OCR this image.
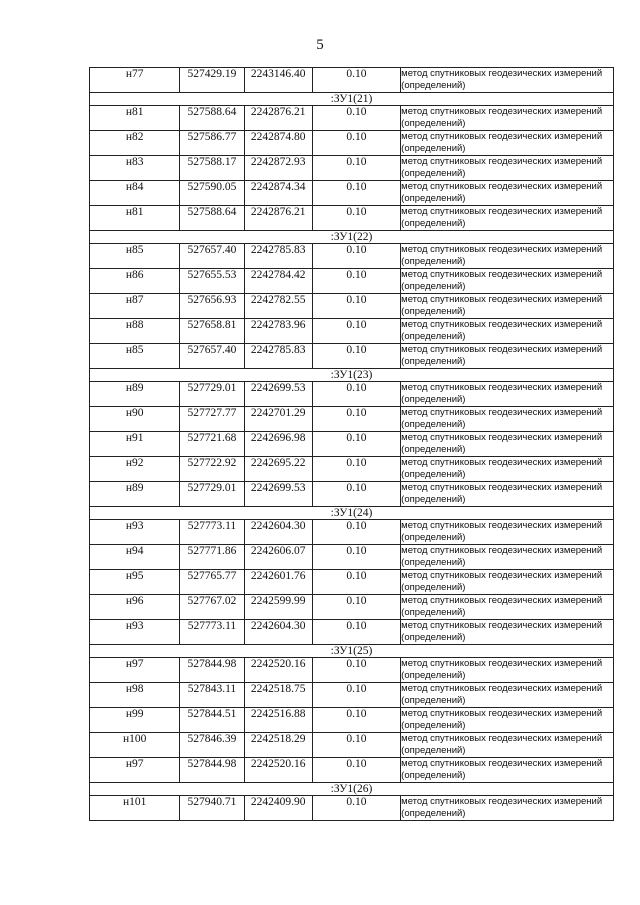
5
н77	527429.19	2243146.40	0.10	метод спутниковых геодезических измерений (определений)
:ЗУ1(21)				
н81	527588.64	2242876.21	0.10	метод спутниковых геодезических измерений (определений)
н82	527586.77	2242874.80	0.10	метод спутниковых геодезических измерений (определений)
н83	527588.17	2242872.93	0.10	метод спутниковых геодезических измерений (определений)
н84	527590.05	2242874.34	0.10	метод спутниковых геодезических измерений (определений)
н81	527588.64	2242876.21	0.10	метод спутниковых геодезических измерений (определений)
:ЗУ1(22)				
н85	527657.40	2242785.83	0.10	метод спутниковых геодезических измерений (определений)
н86	527655.53	2242784.42	0.10	метод спутниковых геодезических измерений (определений)
н87	527656.93	2242782.55	0.10	метод спутниковых геодезических измерений (определений)
н88	527658.81	2242783.96	0.10	метод спутниковых геодезических измерений (определений)
н85	527657.40	2242785.83	0.10	метод спутниковых геодезических измерений (определений)
:ЗУ1(23)				
н89	527729.01	2242699.53	0.10	метод спутниковых геодезических измерений (определений)
н90	527727.77	2242701.29	0.10	метод спутниковых геодезических измерений (определений)
н91	527721.68	2242696.98	0.10	метод спутниковых геодезических измерений (определений)
н92	527722.92	2242695.22	0.10	метод спутниковых геодезических измерений (определений)
н89	527729.01	2242699.53	0.10	метод спутниковых геодезических измерений (определений)
:ЗУ1(24)				
н93	527773.11	2242604.30	0.10	метод спутниковых геодезических измерений (определений)
н94	527771.86	2242606.07	0.10	метод спутниковых геодезических измерений (определений)
н95	527765.77	2242601.76	0.10	метод спутниковых геодезических измерений (определений)
н96	527767.02	2242599.99	0.10	метод спутниковых геодезических измерений (определений)
н93	527773.11	2242604.30	0.10	метод спутниковых геодезических измерений (определений)
:ЗУ1(25)				
н97	527844.98	2242520.16	0.10	метод спутниковых геодезических измерений (определений)
н98	527843.11	2242518.75	0.10	метод спутниковых геодезических измерений (определений)
н99	527844.51	2242516.88	0.10	метод спутниковых геодезических измерений (определений)
н100	527846.39	2242518.29	0.10	метод спутниковых геодезических измерений (определений)
н97	527844.98	2242520.16	0.10	метод спутниковых геодезических измерений (определений)
:ЗУ1(26)				
н101	527940.71	2242409.90	0.10	метод спутниковых геодезических измерений (определений)
